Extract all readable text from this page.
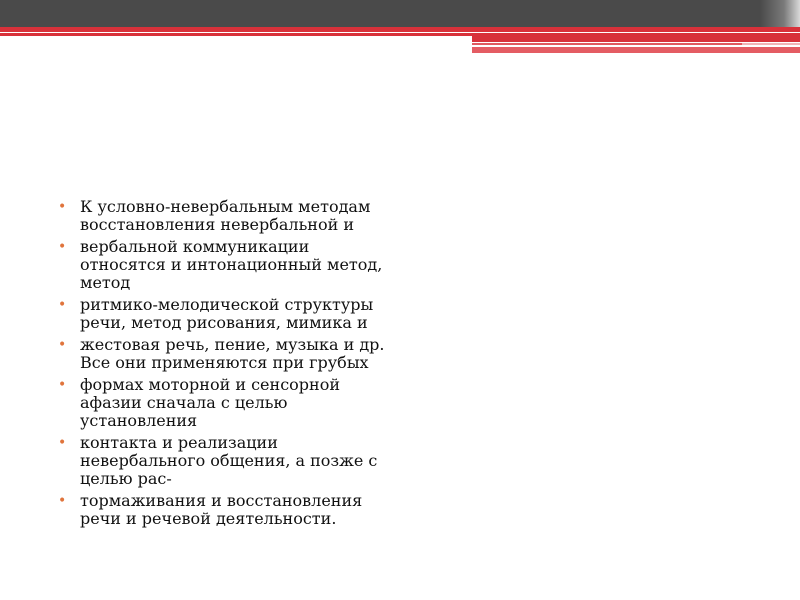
• К условно-невербальным методам восстановления невербальной и
• вербальной коммуникации относятся и интонационный метод, метод
• ритмико-мелодической структуры речи, метод рисования, мимика и
• жестовая речь, пение, музыка и др. Все они применяются при грубых
• формах моторной и сенсорной афазии сначала с целью установления
• контакта и реализации невербального общения, а позже с целью рас-
• тормаживания и восстановления речи и речевой деятельности.
